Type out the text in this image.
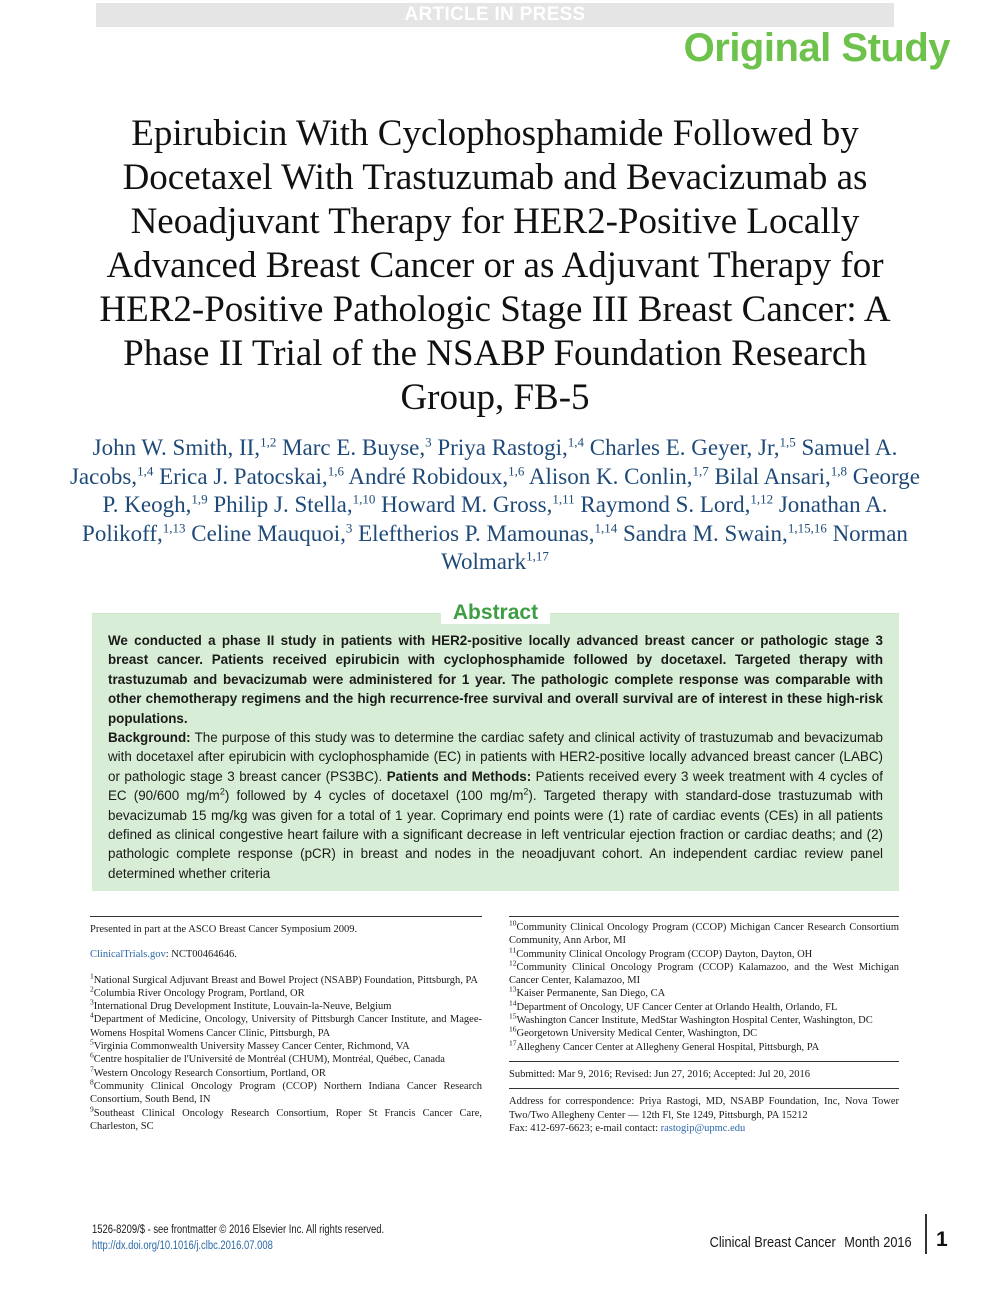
ARTICLE IN PRESS
Original Study
Epirubicin With Cyclophosphamide Followed by Docetaxel With Trastuzumab and Bevacizumab as Neoadjuvant Therapy for HER2-Positive Locally Advanced Breast Cancer or as Adjuvant Therapy for HER2-Positive Pathologic Stage III Breast Cancer: A Phase II Trial of the NSABP Foundation Research Group, FB-5
John W. Smith, II,$^{1,2}$ Marc E. Buyse,$^3$ Priya Rastogi,$^{1,4}$ Charles E. Geyer, Jr,$^{1,5}$ Samuel A. Jacobs,$^{1,4}$ Erica J. Patocskai,$^{1,6}$ André Robidoux,$^{1,6}$ Alison K. Conlin,$^{1,7}$ Bilal Ansari,$^{1,8}$ George P. Keogh,$^{1,9}$ Philip J. Stella,$^{1,10}$ Howard M. Gross,$^{1,11}$ Raymond S. Lord,$^{1,12}$ Jonathan A. Polikoff,$^{1,13}$ Celine Mauquoi,$^3$ Eleftherios P. Mamounas,$^{1,14}$ Sandra M. Swain,$^{1,15,16}$ Norman Wolmark$^{1,17}$
Abstract

We conducted a phase II study in patients with HER2-positive locally advanced breast cancer or pathologic stage 3 breast cancer. Patients received epirubicin with cyclophosphamide followed by docetaxel. Targeted therapy with trastuzumab and bevacizumab were administered for 1 year. The pathologic complete response was comparable with other chemotherapy regimens and the high recurrence-free survival and overall survival are of interest in these high-risk populations.

Background: The purpose of this study was to determine the cardiac safety and clinical activity of trastuzumab and bevacizumab with docetaxel after epirubicin with cyclophosphamide (EC) in patients with HER2-positive locally advanced breast cancer (LABC) or pathologic stage 3 breast cancer (PS3BC). Patients and Methods: Patients received every 3 week treatment with 4 cycles of EC (90/600 $mg/m^2$) followed by 4 cycles of docetaxel (100 $mg/m^2$). Targeted therapy with standard-dose trastuzumab with bevacizumab 15 mg/kg was given for a total of 1 year. Coprimary end points were (1) rate of cardiac events (CEs) in all patients defined as clinical congestive heart failure with a significant decrease in left ventricular ejection fraction or cardiac deaths; and (2) pathologic complete response (pCR) in breast and nodes in the neoadjuvant cohort. An independent cardiac review panel determined whether criteria

Presented in part at the ASCO Breast Cancer Symposium 2009.
ClinicalTrials.gov: NCT00464646.
$^1$National Surgical Adjuvant Breast and Bowel Project (NSABP) Foundation, Pittsburgh, PA
$^2$Columbia River Oncology Program, Portland, OR
$^3$International Drug Development Institute, Louvain-la-Neuve, Belgium
$^4$Department of Medicine, Oncology, University of Pittsburgh Cancer Institute, and Magee-Womens Hospital Womens Cancer Clinic, Pittsburgh, PA
$^5$Virginia Commonwealth University Massey Cancer Center, Richmond, VA
$^6$Centre hospitalier de l'Université de Montréal (CHUM), Montréal, Québec, Canada
$^7$Western Oncology Research Consortium, Portland, OR
$^8$Community Clinical Oncology Program (CCOP) Northern Indiana Cancer Research Consortium, South Bend, IN
$^9$Southeast Clinical Oncology Research Consortium, Roper St Francis Cancer Care, Charleston, SC
$^{10}$Community Clinical Oncology Program (CCOP) Michigan Cancer Research Consortium Community, Ann Arbor, MI
$^{11}$Community Clinical Oncology Program (CCOP) Dayton, Dayton, OH
$^{12}$Community Clinical Oncology Program (CCOP) Kalamazoo, and the West Michigan Cancer Center, Kalamazoo, MI
$^{13}$Kaiser Permanente, San Diego, CA
$^{14}$Department of Oncology, UF Cancer Center at Orlando Health, Orlando, FL
$^{15}$Washington Cancer Institute, MedStar Washington Hospital Center, Washington, DC
$^{16}$Georgetown University Medical Center, Washington, DC
$^{17}$Allegheny Cancer Center at Allegheny General Hospital, Pittsburgh, PA
Submitted: Mar 9, 2016; Revised: Jun 27, 2016; Accepted: Jul 20, 2016
Address for correspondence: Priya Rastogi, MD, NSABP Foundation, Inc, Nova Tower Two/Two Allegheny Center — 12th Fl, Ste 1249, Pittsburgh, PA 15212
Fax: 412-697-6623; e-mail contact: rastogip@upmc.edu
1526-8209/$ - see frontmatter © 2016 Elsevier Inc. All rights reserved.
http://dx.doi.org/10.1016/j.clbc.2016.07.008	Clinical Breast Cancer Month 2016 1
